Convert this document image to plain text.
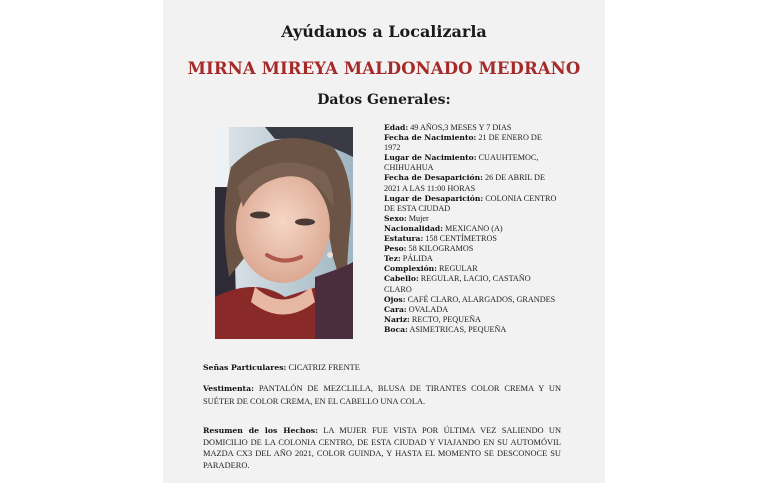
Ayúdanos a Localizarla
MIRNA MIREYA MALDONADO MEDRANO
Datos Generales:
Edad: 49 AÑOS,3 MESES Y 7 DIAS
Fecha de Nacimiento: 21 DE ENERO DE 1972
Lugar de Nacimiento: CUAUHTEMOC, CHIHUAHUA
Fecha de Desaparición: 26 DE ABRIL DE 2021 A LAS 11:00 HORAS
Lugar de Desaparición: COLONIA CENTRO DE ESTA CIUDAD
Sexo: Mujer
Nacionalidad: MEXICANO (A)
Estatura: 158 CENTÍMETROS
Peso: 58 KILOGRAMOS
Tez: PÁLIDA
Complexión: REGULAR
Cabello: REGULAR, LACIO, CASTAÑO CLARO
Ojos: CAFÉ CLARO, ALARGADOS, GRANDES
Cara: OVALADA
Nariz: RECTO, PEQUEÑA
Boca: ASIMETRICAS, PEQUEÑA
Señas Particulares: CICATRIZ FRENTE
Vestimenta: PANTALÓN DE MEZCLILLA, BLUSA DE TIRANTES COLOR CREMA Y UN SUÉTER DE COLOR CREMA, EN EL CABELLO UNA COLA.
Resumen de los Hechos: LA MUJER FUE VISTA POR ÚLTIMA VEZ SALIENDO UN DOMICILIO DE LA COLONIA CENTRO, DE ESTA CIUDAD Y VIAJANDO EN SU AUTOMÓVIL MAZDA CX3 DEL AÑO 2021, COLOR GUINDA, Y HASTA EL MOMENTO SE DESCONOCE SU PARADERO.
